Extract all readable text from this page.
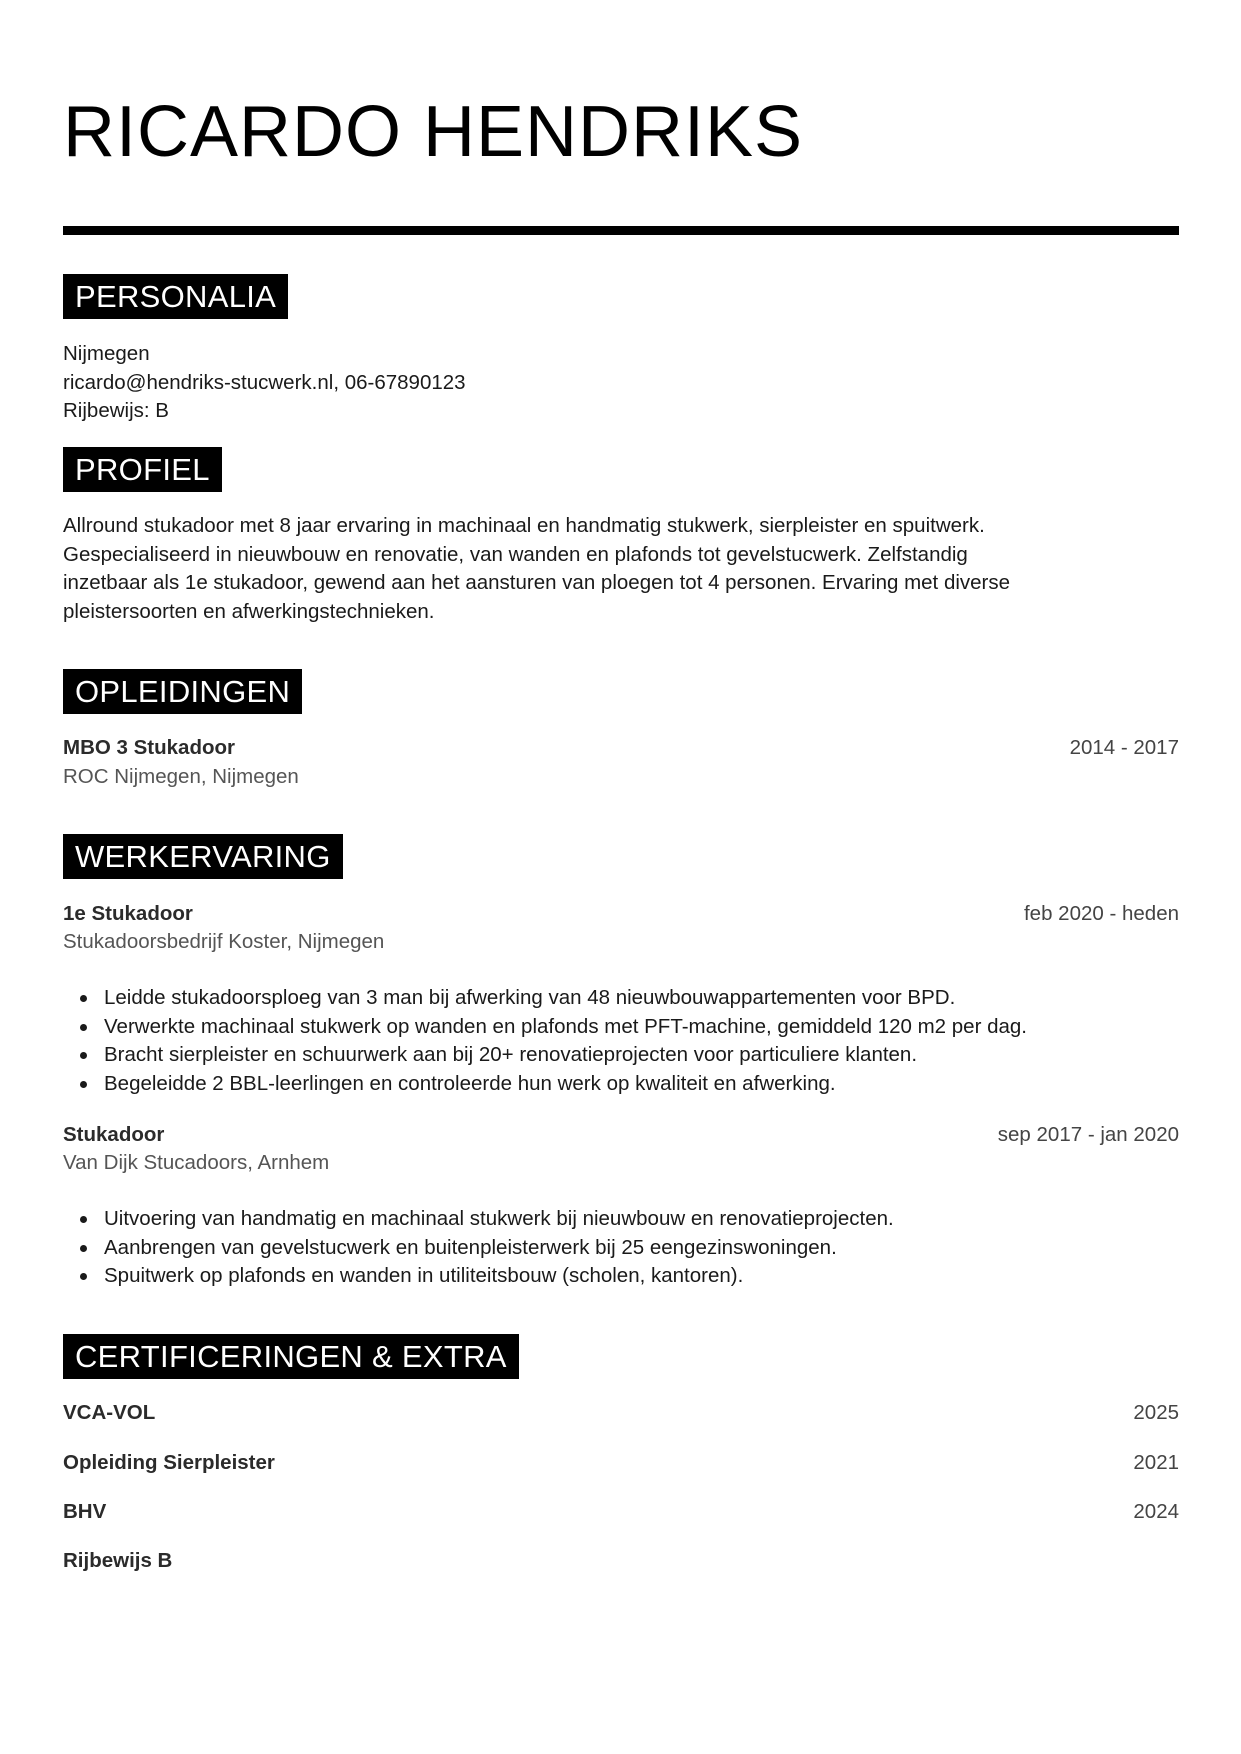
RICARDO HENDRIKS
PERSONALIA
Nijmegen
ricardo@hendriks-stucwerk.nl, 06-67890123
Rijbewijs: B
PROFIEL
Allround stukadoor met 8 jaar ervaring in machinaal en handmatig stukwerk, sierpleister en spuitwerk.
Gespecialiseerd in nieuwbouw en renovatie, van wanden en plafonds tot gevelstucwerk. Zelfstandig
inzetbaar als 1e stukadoor, gewend aan het aansturen van ploegen tot 4 personen. Ervaring met diverse
pleistersoorten en afwerkingstechnieken.
OPLEIDINGEN
MBO 3 Stukadoor	2014 - 2017
ROC Nijmegen, Nijmegen
WERKERVARING
1e Stukadoor	feb 2020 - heden
Stukadoorsbedrijf Koster, Nijmegen
Leidde stukadoorsploeg van 3 man bij afwerking van 48 nieuwbouwappartementen voor BPD.
Verwerkte machinaal stukwerk op wanden en plafonds met PFT-machine, gemiddeld 120 m2 per dag.
Bracht sierpleister en schuurwerk aan bij 20+ renovatieprojecten voor particuliere klanten.
Begeleidde 2 BBL-leerlingen en controleerde hun werk op kwaliteit en afwerking.
Stukadoor	sep 2017 - jan 2020
Van Dijk Stucadoors, Arnhem
Uitvoering van handmatig en machinaal stukwerk bij nieuwbouw en renovatieprojecten.
Aanbrengen van gevelstucwerk en buitenpleisterwerk bij 25 eengezinswoningen.
Spuitwerk op plafonds en wanden in utiliteitsbouw (scholen, kantoren).
CERTIFICERINGEN & EXTRA
VCA-VOL	2025
Opleiding Sierpleister	2021
BHV	2024
Rijbewijs B
